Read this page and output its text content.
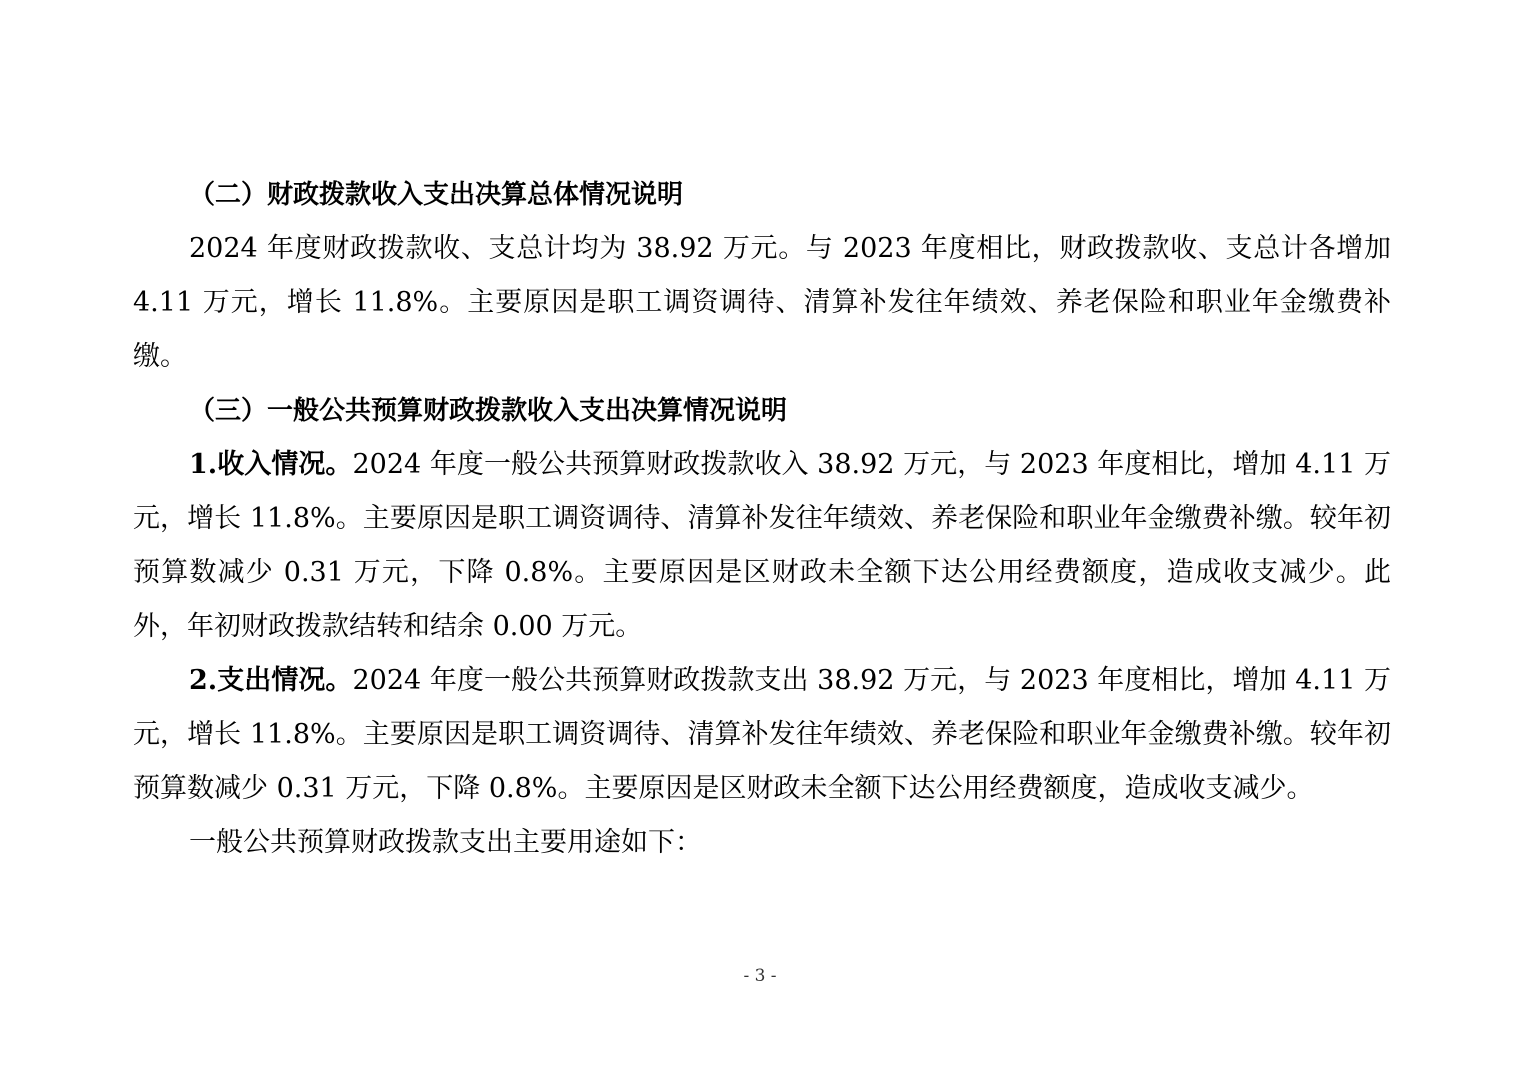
（二）财政拨款收入支出决算总体情况说明

2024 年度财政拨款收、支总计均为 38.92 万元。与 2023 年度相比，财政拨款收、支总计各增加 4.11 万元，增长 11.8%。主要原因是职工调资调待、清算补发往年绩效、养老保险和职业年金缴费补缴。

（三）一般公共预算财政拨款收入支出决算情况说明

1.收入情况。2024 年度一般公共预算财政拨款收入 38.92 万元，与 2023 年度相比，增加 4.11 万元，增长 11.8%。主要原因是职工调资调待、清算补发往年绩效、养老保险和职业年金缴费补缴。较年初预算数减少 0.31 万元，下降 0.8%。主要原因是区财政未全额下达公用经费额度，造成收支减少。此外，年初财政拨款结转和结余 0.00 万元。

2.支出情况。2024 年度一般公共预算财政拨款支出 38.92 万元，与 2023 年度相比，增加 4.11 万元，增长 11.8%。主要原因是职工调资调待、清算补发往年绩效、养老保险和职业年金缴费补缴。较年初预算数减少 0.31 万元，下降 0.8%。主要原因是区财政未全额下达公用经费额度，造成收支减少。

一般公共预算财政拨款支出主要用途如下：

- 3 -
